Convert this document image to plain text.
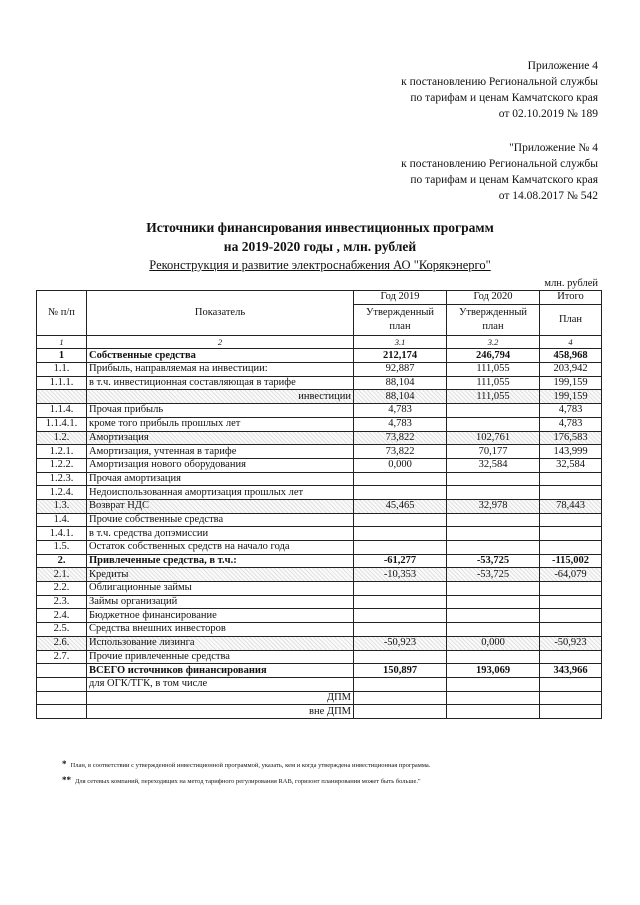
Приложение 4
к постановлению Региональной службы
по тарифам и ценам Камчатского края
от 02.10.2019 № 189
"Приложение № 4
к постановлению Региональной службы
по тарифам и ценам Камчатского края
от 14.08.2017 № 542
Источники финансирования инвестиционных программ
на 2019-2020 годы , млн. рублей
Реконструкция и развитие электроснабжения АО "Корякэнерго"
млн. рублей
№ п/п	Показатель	Год 2019	Год 2020	Итого
		Утвержденный план	Утвержденный план	План
1	2	3.1	3.2	4
1	Собственные средства	212,174	246,794	458,968
1.1.	Прибыль, направляемая на инвестиции:	92,887	111,055	203,942
1.1.1.	в т.ч. инвестиционная составляющая в тарифе	88,104	111,055	199,159
	инвестиции	88,104	111,055	199,159
1.1.4.	Прочая прибыль	4,783		4,783
1.1.4.1.	кроме того прибыль прошлых лет	4,783		4,783
1.2.	Амортизация	73,822	102,761	176,583
1.2.1.	Амортизация, учтенная в тарифе	73,822	70,177	143,999
1.2.2.	Амортизация нового оборудования	0,000	32,584	32,584
1.2.3.	Прочая амортизация			
1.2.4.	Недоиспользованная амортизация прошлых лет			
1.3.	Возврат НДС	45,465	32,978	78,443
1.4.	Прочие собственные средства			
1.4.1.	в т.ч. средства допэмиссии			
1.5.	Остаток собственных средств на начало года			
2.	Привлеченные средства, в т.ч.:	-61,277	-53,725	-115,002
2.1.	Кредиты	-10,353	-53,725	-64,079
2.2.	Облигационные займы			
2.3.	Займы организаций			
2.4.	Бюджетное финансирование			
2.5.	Средства внешних инвесторов			
2.6.	Использование лизинга	-50,923	0,000	-50,923
2.7.	Прочие привлеченные средства			
	ВСЕГО источников финансирования	150,897	193,069	343,966
	для ОГК/ТГК, в том числе			
	ДПМ			
	вне ДПМ			
* План, в соответствии с утвержденной инвестиционной программой, указать, кем и когда утверждена инвестиционная программа.
** Для сетевых компаний, переходящих на метод тарифного регулирования RAB, горизонт планирования может быть больше."
